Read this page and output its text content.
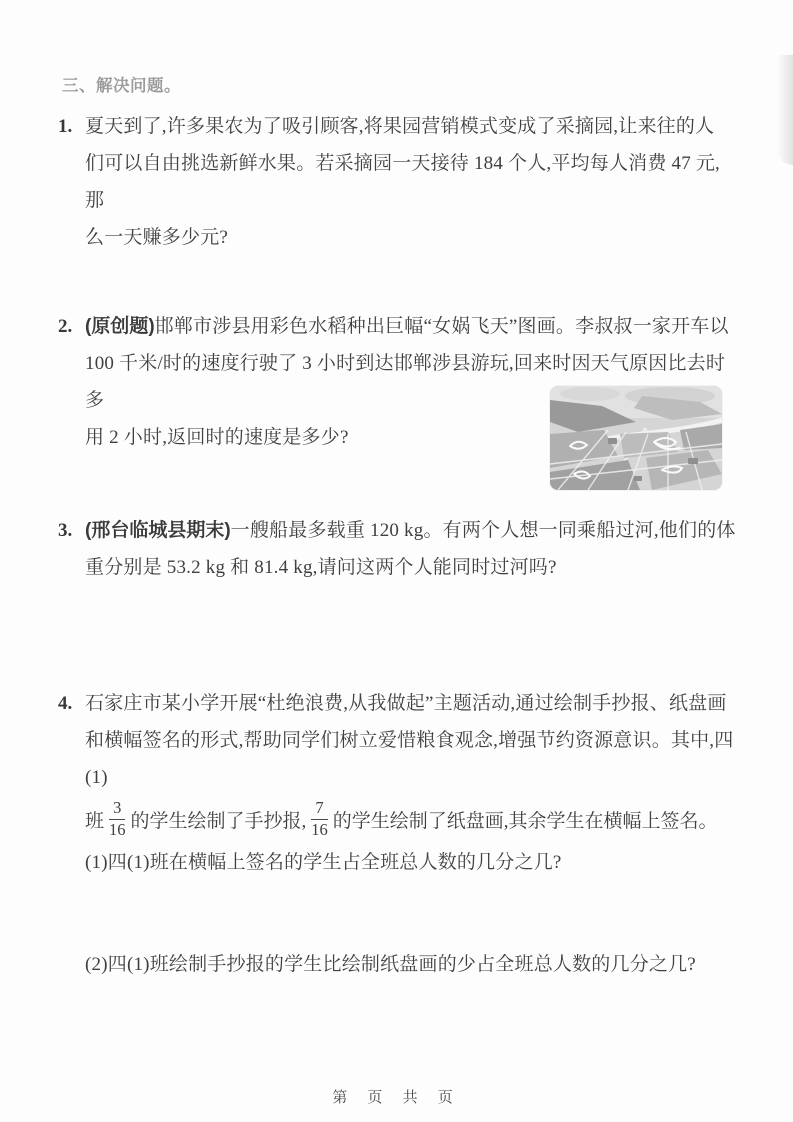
三、解决问题。
1. 夏天到了,许多果农为了吸引顾客,将果园营销模式变成了采摘园,让来往的人
们可以自由挑选新鲜水果。若采摘园一天接待 184 个人,平均每人消费 47 元,那
么一天赚多少元?
2. (原创题)邯郸市涉县用彩色水稻种出巨幅“女娲飞天”图画。李叔叔一家开车以
100 千米/时的速度行驶了 3 小时到达邯郸涉县游玩,回来时因天气原因比去时多
用 2 小时,返回时的速度是多少?
3. (邢台临城县期末)一艘船最多载重 120 kg。有两个人想一同乘船过河,他们的体
重分别是 53.2 kg 和 81.4 kg,请问这两个人能同时过河吗?
4. 石家庄市某小学开展“杜绝浪费,从我做起”主题活动,通过绘制手抄报、纸盘画
和横幅签名的形式,帮助同学们树立爱惜粮食观念,增强节约资源意识。其中,四(1)
班 $\frac{3}{16}$ 的学生绘制了手抄报, $\frac{7}{16}$ 的学生绘制了纸盘画,其余学生在横幅上签名。
(1)四(1)班在横幅上签名的学生占全班总人数的几分之几?
(2)四(1)班绘制手抄报的学生比绘制纸盘画的少占全班总人数的几分之几?
第 页 共 页
